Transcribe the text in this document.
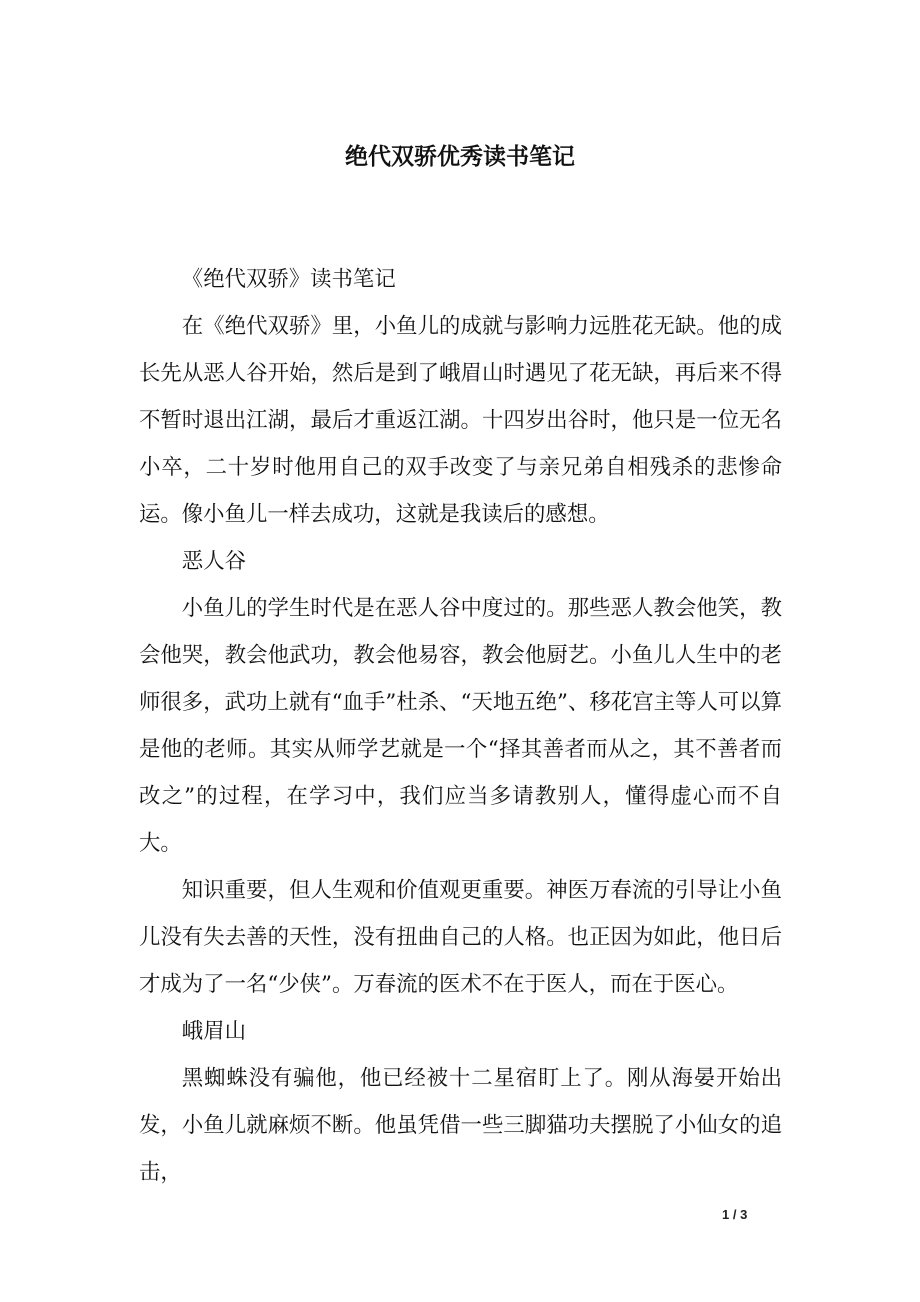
绝代双骄优秀读书笔记

《绝代双骄》读书笔记

在《绝代双骄》里，小鱼儿的成就与影响力远胜花无缺。他的成长先从恶人谷开始，然后是到了峨眉山时遇见了花无缺，再后来不得不暂时退出江湖，最后才重返江湖。十四岁出谷时，他只是一位无名小卒，二十岁时他用自己的双手改变了与亲兄弟自相残杀的悲惨命运。像小鱼儿一样去成功，这就是我读后的感想。

恶人谷

小鱼儿的学生时代是在恶人谷中度过的。那些恶人教会他笑，教会他哭，教会他武功，教会他易容，教会他厨艺。小鱼儿人生中的老师很多，武功上就有“血手”杜杀、“天地五绝”、移花宫主等人可以算是他的老师。其实从师学艺就是一个“择其善者而从之，其不善者而改之”的过程，在学习中，我们应当多请教别人，懂得虚心而不自大。

知识重要，但人生观和价值观更重要。神医万春流的引导让小鱼儿没有失去善的天性，没有扭曲自己的人格。也正因为如此，他日后才成为了一名“少侠”。万春流的医术不在于医人，而在于医心。

峨眉山

黑蜘蛛没有骗他，他已经被十二星宿盯上了。刚从海晏开始出发，小鱼儿就麻烦不断。他虽凭借一些三脚猫功夫摆脱了小仙女的追击，

1 / 3
